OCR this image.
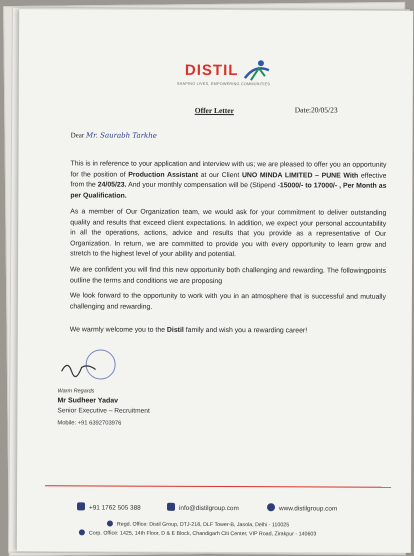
DISTIL
SHAPING LIVES, EMPOWERING COMMUNITIES
Offer Letter	Date:20/05/23
Dear Mr. Saurabh Tarkhe
This is in reference to your application and interview with us; we are pleased to offer you an opportunity for the position of Production Assistant at our Client UNO MINDA LIMITED – PUNE With effective from the 24/05/23. And your monthly compensation will be (Stipend -15000/- to 17000/- , Per Month as per Qualification.
As a member of Our Organization team, we would ask for your commitment to deliver outstanding quality and results that exceed client expectations. In addition, we expect your personal accountability in all the operations, actions, advice and results that you provide as a representative of Our Organization. In return, we are committed to provide you with every opportunity to learn grow and stretch to the highest level of your ability and potential.
We are confident you will find this new opportunity both challenging and rewarding. The followingpoints outline the terms and conditions we are proposing
We look forward to the opportunity to work with you in an atmosphere that is successful and mutually challenging and rewarding.
We warmly welcome you to the Distil family and wish you a rewarding career!
Warm Regards
Mr Sudheer Yadav
Senior Executive – Recruitment
Mobile: +91 6392703976
+91 1762 505 388	info@distilgroup.com	www.distilgroup.com
Regd. Office: Distil Group, DTJ-218, DLF Tower-B, Jasola, Delhi - 110025
Corp. Office: 1425, 14th Floor, D & E Block, Chandigarh Citi Center, VIP Road, Zirakpur - 140603
